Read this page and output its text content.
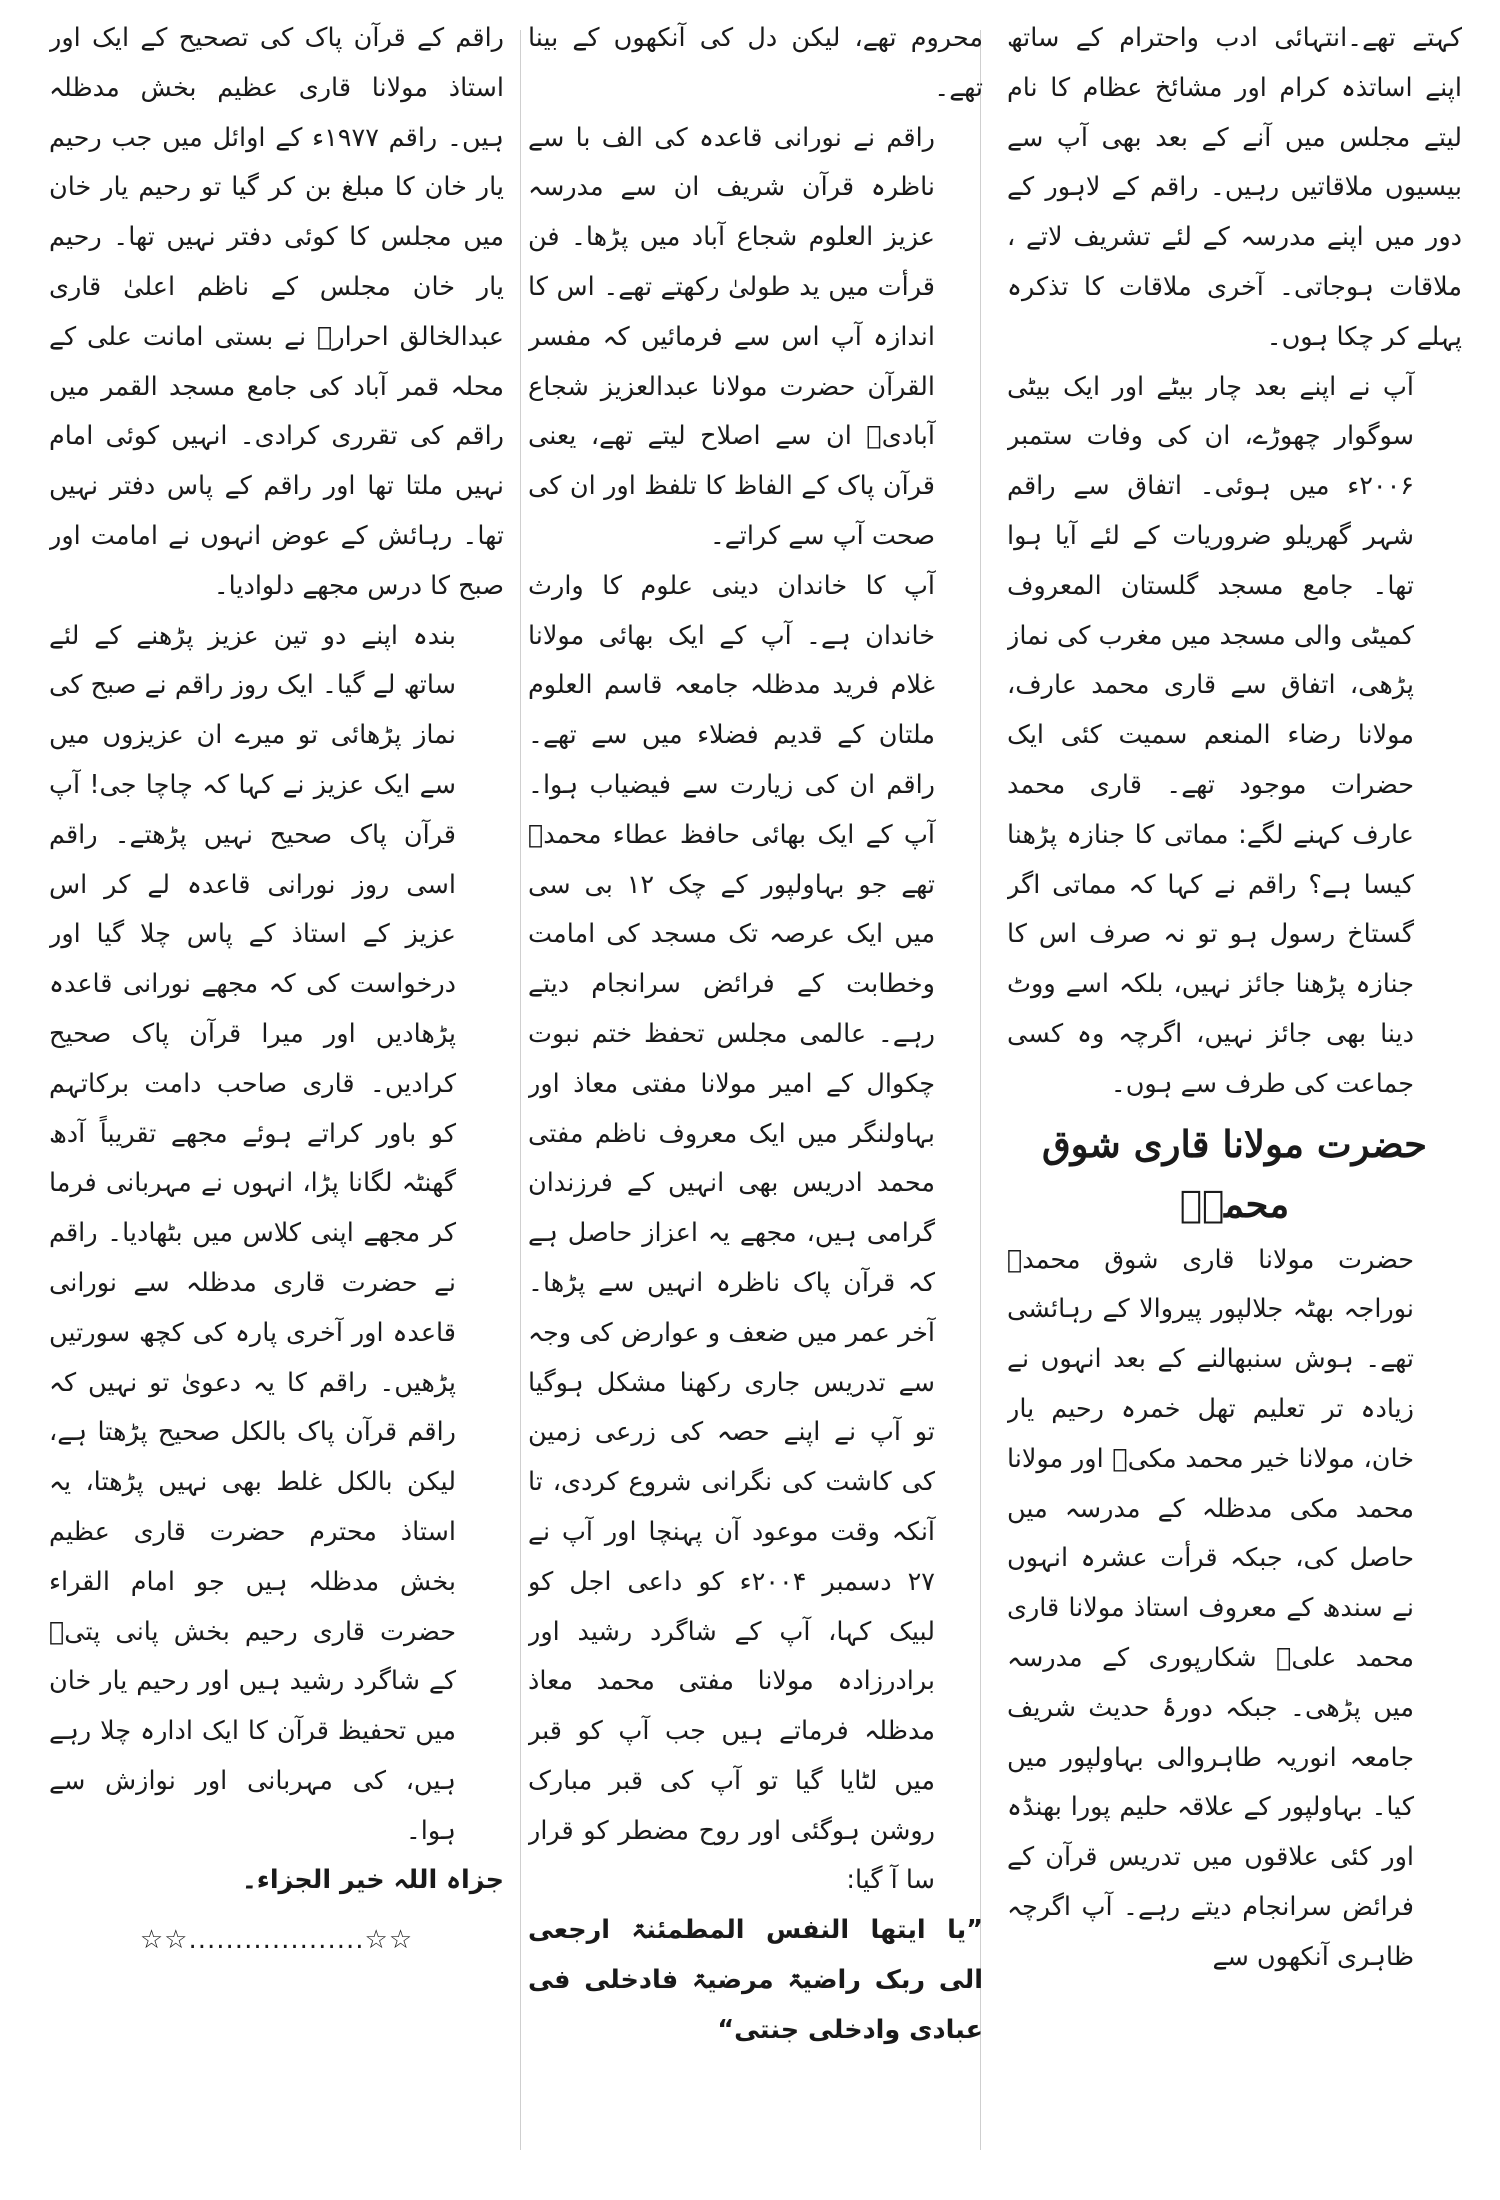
کہتے تھے۔انتہائی ادب واحترام کے ساتھ اپنے اساتذہ کرام اور مشائخ عظام کا نام لیتے مجلس میں آنے کے بعد بھی آپ سے بیسیوں ملاقاتیں رہیں۔ راقم کے لاہور کے دور میں اپنے مدرسہ کے لئے تشریف لاتے ، ملاقات ہوجاتی۔ آخری ملاقات کا تذکرہ پہلے کر چکا ہوں۔

آپ نے اپنے بعد چار بیٹے اور ایک بیٹی سوگوار چھوڑے، ان کی وفات ستمبر ۲۰۰۶ء میں ہوئی۔ اتفاق سے راقم شہر گھریلو ضروریات کے لئے آیا ہوا تھا۔ جامع مسجد گلستان المعروف کمیٹی والی مسجد میں مغرب کی نماز پڑھی، اتفاق سے قاری محمد عارف، مولانا رضاء المنعم سمیت کئی ایک حضرات موجود تھے۔ قاری محمد عارف کہنے لگے: مماتی کا جنازہ پڑھنا کیسا ہے؟ راقم نے کہا کہ مماتی اگر گستاخ رسول ہو تو نہ صرف اس کا جنازہ پڑھنا جائز نہیں، بلکہ اسے ووٹ دینا بھی جائز نہیں، اگرچہ وہ کسی جماعت کی طرف سے ہوں۔

حضرت مولانا قاری شوق محمدؒ

حضرت مولانا قاری شوق محمدؒ نوراجہ بھٹہ جلالپور پیروالا کے رہائشی تھے۔ ہوش سنبھالنے کے بعد انہوں نے زیادہ تر تعلیم تھل خمرہ رحیم یار خان، مولانا خیر محمد مکیؒ اور مولانا محمد مکی مدظلہ کے مدرسہ میں حاصل کی، جبکہ قرأت عشرہ انہوں نے سندھ کے معروف استاذ مولانا قاری محمد علیؒ شکارپوری کے مدرسہ میں پڑھی۔ جبکہ دورۂ حدیث شریف جامعہ انوریہ طاہروالی بہاولپور میں کیا۔ بہاولپور کے علاقہ حلیم پورا بھنڈہ اور کئی علاقوں میں تدریس قرآن کے فرائض سرانجام دیتے رہے۔ آپ اگرچہ ظاہری آنکھوں سے

محروم تھے، لیکن دل کی آنکھوں کے بینا تھے۔

راقم نے نورانی قاعدہ کی الف با سے ناظرہ قرآن شریف ان سے مدرسہ عزیز العلوم شجاع آباد میں پڑھا۔ فن قرأت میں ید طولیٰ رکھتے تھے۔ اس کا اندازہ آپ اس سے فرمائیں کہ مفسر القرآن حضرت مولانا عبدالعزیز شجاع آبادیؒ ان سے اصلاح لیتے تھے، یعنی قرآن پاک کے الفاظ کا تلفظ اور ان کی صحت آپ سے کراتے۔

آپ کا خاندان دینی علوم کا وارث خاندان ہے۔ آپ کے ایک بھائی مولانا غلام فرید مدظلہ جامعہ قاسم العلوم ملتان کے قدیم فضلاء میں سے تھے۔ راقم ان کی زیارت سے فیضیاب ہوا۔ آپ کے ایک بھائی حافظ عطاء محمدؒ تھے جو بہاولپور کے چک ۱۲ بی سی میں ایک عرصہ تک مسجد کی امامت وخطابت کے فرائض سرانجام دیتے رہے۔ عالمی مجلس تحفظ ختم نبوت چکوال کے امیر مولانا مفتی معاذ اور بہاولنگر میں ایک معروف ناظم مفتی محمد ادریس بھی انہیں کے فرزندان گرامی ہیں، مجھے یہ اعزاز حاصل ہے کہ قرآن پاک ناظرہ انہیں سے پڑھا۔ آخر عمر میں ضعف و عوارض کی وجہ سے تدریس جاری رکھنا مشکل ہوگیا تو آپ نے اپنے حصہ کی زرعی زمین کی کاشت کی نگرانی شروع کردی، تا آنکہ وقت موعود آن پہنچا اور آپ نے ۲۷ دسمبر ۲۰۰۴ء کو داعی اجل کو لبیک کہا، آپ کے شاگرد رشید اور برادرزادہ مولانا مفتی محمد معاذ مدظلہ فرماتے ہیں جب آپ کو قبر میں لٹایا گیا تو آپ کی قبر مبارک روشن ہوگئی اور روح مضطر کو قرار سا آ گیا:

”یا ایتھا النفس المطمئنۃ ارجعی الی ربک راضیۃ مرضیۃ فادخلی فی عبادی وادخلی جنتی“

راقم کے قرآن پاک کی تصحیح کے ایک اور استاذ مولانا قاری عظیم بخش مدظلہ ہیں۔ راقم ۱۹۷۷ء کے اوائل میں جب رحیم یار خان کا مبلغ بن کر گیا تو رحیم یار خان میں مجلس کا کوئی دفتر نہیں تھا۔ رحیم یار خان مجلس کے ناظم اعلیٰ قاری عبدالخالق احرارؒ نے بستی امانت علی کے محلہ قمر آباد کی جامع مسجد القمر میں راقم کی تقرری کرادی۔ انہیں کوئی امام نہیں ملتا تھا اور راقم کے پاس دفتر نہیں تھا۔ رہائش کے عوض انہوں نے امامت اور صبح کا درس مجھے دلوادیا۔

بندہ اپنے دو تین عزیز پڑھنے کے لئے ساتھ لے گیا۔ ایک روز راقم نے صبح کی نماز پڑھائی تو میرے ان عزیزوں میں سے ایک عزیز نے کہا کہ چاچا جی! آپ قرآن پاک صحیح نہیں پڑھتے۔ راقم اسی روز نورانی قاعدہ لے کر اس عزیز کے استاذ کے پاس چلا گیا اور درخواست کی کہ مجھے نورانی قاعدہ پڑھادیں اور میرا قرآن پاک صحیح کرادیں۔ قاری صاحب دامت برکاتہم کو باور کراتے ہوئے مجھے تقریباً آدھ گھنٹہ لگانا پڑا، انہوں نے مہربانی فرما کر مجھے اپنی کلاس میں بٹھادیا۔ راقم نے حضرت قاری مدظلہ سے نورانی قاعدہ اور آخری پارہ کی کچھ سورتیں پڑھیں۔ راقم کا یہ دعویٰ تو نہیں کہ راقم قرآن پاک بالکل صحیح پڑھتا ہے، لیکن بالکل غلط بھی نہیں پڑھتا، یہ استاذ محترم حضرت قاری عظیم بخش مدظلہ ہیں جو امام القراء حضرت قاری رحیم بخش پانی پتیؒ کے شاگرد رشید ہیں اور رحیم یار خان میں تحفیظ قرآن کا ایک ادارہ چلا رہے ہیں، کی مہربانی اور نوازش سے ہوا۔

جزاہ اللہ خیر الجزاء۔

☆☆...................☆☆
